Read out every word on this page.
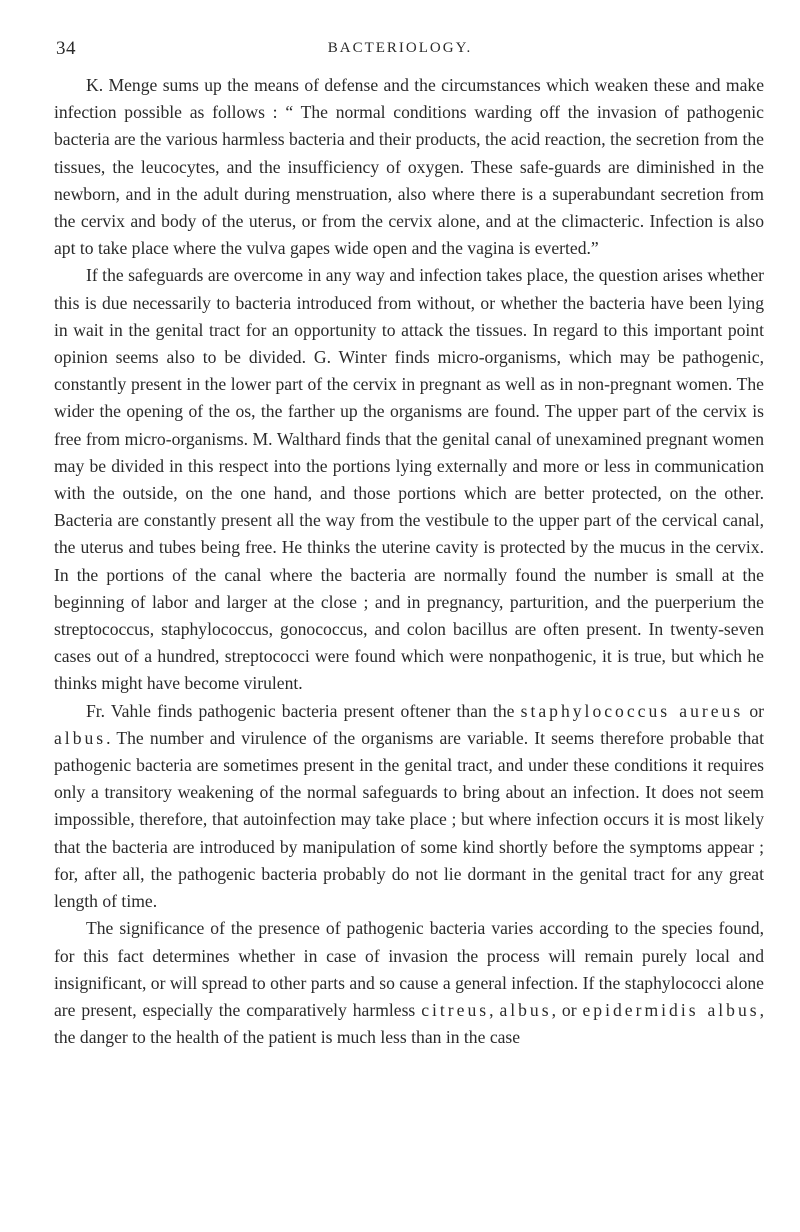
34	BACTERIOLOGY.

K. Menge sums up the means of defense and the circumstances which weaken these and make infection possible as follows : “ The normal conditions warding off the invasion of pathogenic bacteria are the various harmless bacteria and their products, the acid reaction, the secretion from the tissues, the leucocytes, and the insufficiency of oxygen. These safe-guards are diminished in the newborn, and in the adult during menstruation, also where there is a superabundant secretion from the cervix and body of the uterus, or from the cervix alone, and at the climacteric. Infection is also apt to take place where the vulva gapes wide open and the vagina is everted.”

If the safeguards are overcome in any way and infection takes place, the question arises whether this is due necessarily to bacteria introduced from without, or whether the bacteria have been lying in wait in the genital tract for an opportunity to attack the tissues. In regard to this important point opinion seems also to be divided. G. Winter finds micro-organisms, which may be pathogenic, constantly present in the lower part of the cervix in pregnant as well as in non-pregnant women. The wider the opening of the os, the farther up the organisms are found. The upper part of the cervix is free from micro-organisms. M. Walthard finds that the genital canal of unexamined pregnant women may be divided in this respect into the portions lying externally and more or less in communication with the outside, on the one hand, and those portions which are better protected, on the other. Bacteria are constantly present all the way from the vestibule to the upper part of the cervical canal, the uterus and tubes being free. He thinks the uterine cavity is protected by the mucus in the cervix. In the portions of the canal where the bacteria are normally found the number is small at the beginning of labor and larger at the close ; and in pregnancy, parturition, and the puerperium the streptococcus, staphylococcus, gonococcus, and colon bacillus are often present. In twenty-seven cases out of a hundred, streptococci were found which were nonpathogenic, it is true, but which he thinks might have become virulent.

Fr. Vahle finds pathogenic bacteria present oftener than the staphylococcus aureus or albus. The number and virulence of the organisms are variable. It seems therefore probable that pathogenic bacteria are sometimes present in the genital tract, and under these conditions it requires only a transitory weakening of the normal safeguards to bring about an infection. It does not seem impossible, therefore, that autoinfection may take place ; but where infection occurs it is most likely that the bacteria are introduced by manipulation of some kind shortly before the symptoms appear ; for, after all, the pathogenic bacteria probably do not lie dormant in the genital tract for any great length of time.

The significance of the presence of pathogenic bacteria varies according to the species found, for this fact determines whether in case of invasion the process will remain purely local and insignificant, or will spread to other parts and so cause a general infection. If the staphylococci alone are present, especially the comparatively harmless citreus, albus, or epidermidis albus, the danger to the health of the patient is much less than in the case
